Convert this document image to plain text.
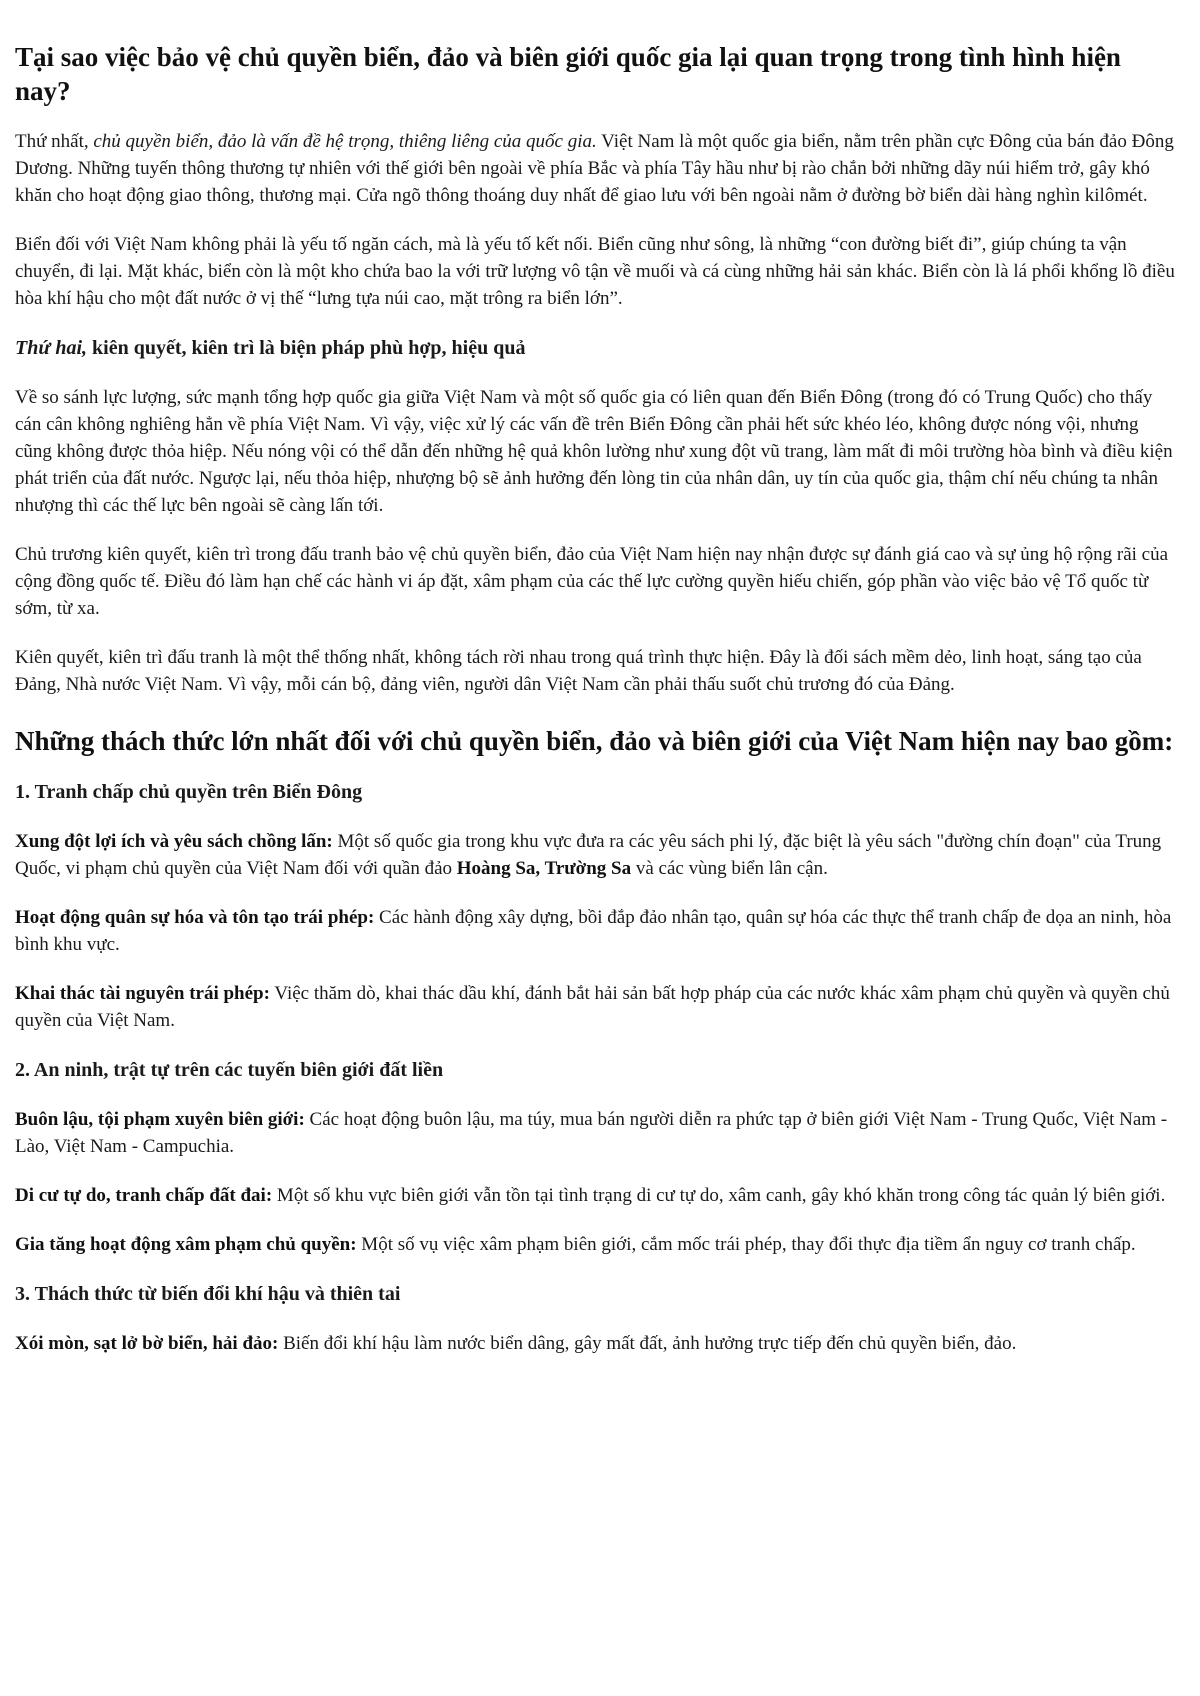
Tại sao việc bảo vệ chủ quyền biển, đảo và biên giới quốc gia lại quan trọng trong tình hình hiện nay?

Thứ nhất, chủ quyền biển, đảo là vấn đề hệ trọng, thiêng liêng của quốc gia. Việt Nam là một quốc gia biển, nằm trên phần cực Đông của bán đảo Đông Dương. Những tuyến thông thương tự nhiên với thế giới bên ngoài về phía Bắc và phía Tây hầu như bị rào chắn bởi những dãy núi hiểm trở, gây khó khăn cho hoạt động giao thông, thương mại. Cửa ngõ thông thoáng duy nhất để giao lưu với bên ngoài nằm ở đường bờ biển dài hàng nghìn kilômét.

Biển đối với Việt Nam không phải là yếu tố ngăn cách, mà là yếu tố kết nối. Biển cũng như sông, là những “con đường biết đi”, giúp chúng ta vận chuyển, đi lại. Mặt khác, biển còn là một kho chứa bao la với trữ lượng vô tận về muối và cá cùng những hải sản khác. Biển còn là lá phổi khổng lồ điều hòa khí hậu cho một đất nước ở vị thế “lưng tựa núi cao, mặt trông ra biển lớn”.

Thứ hai, kiên quyết, kiên trì là biện pháp phù hợp, hiệu quả

Về so sánh lực lượng, sức mạnh tổng hợp quốc gia giữa Việt Nam và một số quốc gia có liên quan đến Biển Đông (trong đó có Trung Quốc) cho thấy cán cân không nghiêng hẳn về phía Việt Nam. Vì vậy, việc xử lý các vấn đề trên Biển Đông cần phải hết sức khéo léo, không được nóng vội, nhưng cũng không được thỏa hiệp. Nếu nóng vội có thể dẫn đến những hệ quả khôn lường như xung đột vũ trang, làm mất đi môi trường hòa bình và điều kiện phát triển của đất nước. Ngược lại, nếu thỏa hiệp, nhượng bộ sẽ ảnh hưởng đến lòng tin của nhân dân, uy tín của quốc gia, thậm chí nếu chúng ta nhân nhượng thì các thế lực bên ngoài sẽ càng lấn tới.

Chủ trương kiên quyết, kiên trì trong đấu tranh bảo vệ chủ quyền biển, đảo của Việt Nam hiện nay nhận được sự đánh giá cao và sự ủng hộ rộng rãi của cộng đồng quốc tế. Điều đó làm hạn chế các hành vi áp đặt, xâm phạm của các thế lực cường quyền hiếu chiến, góp phần vào việc bảo vệ Tổ quốc từ sớm, từ xa.

Kiên quyết, kiên trì đấu tranh là một thể thống nhất, không tách rời nhau trong quá trình thực hiện. Đây là đối sách mềm dẻo, linh hoạt, sáng tạo của Đảng, Nhà nước Việt Nam. Vì vậy, mỗi cán bộ, đảng viên, người dân Việt Nam cần phải thấu suốt chủ trương đó của Đảng.

Những thách thức lớn nhất đối với chủ quyền biển, đảo và biên giới của Việt Nam hiện nay bao gồm:
1. Tranh chấp chủ quyền trên Biển Đông

Xung đột lợi ích và yêu sách chồng lấn: Một số quốc gia trong khu vực đưa ra các yêu sách phi lý, đặc biệt là yêu sách "đường chín đoạn" của Trung Quốc, vi phạm chủ quyền của Việt Nam đối với quần đảo Hoàng Sa, Trường Sa và các vùng biển lân cận.

Hoạt động quân sự hóa và tôn tạo trái phép: Các hành động xây dựng, bồi đắp đảo nhân tạo, quân sự hóa các thực thể tranh chấp đe dọa an ninh, hòa bình khu vực.

Khai thác tài nguyên trái phép: Việc thăm dò, khai thác dầu khí, đánh bắt hải sản bất hợp pháp của các nước khác xâm phạm chủ quyền và quyền chủ quyền của Việt Nam.

2. An ninh, trật tự trên các tuyến biên giới đất liền

Buôn lậu, tội phạm xuyên biên giới: Các hoạt động buôn lậu, ma túy, mua bán người diễn ra phức tạp ở biên giới Việt Nam - Trung Quốc, Việt Nam - Lào, Việt Nam - Campuchia.

Di cư tự do, tranh chấp đất đai: Một số khu vực biên giới vẫn tồn tại tình trạng di cư tự do, xâm canh, gây khó khăn trong công tác quản lý biên giới.

Gia tăng hoạt động xâm phạm chủ quyền: Một số vụ việc xâm phạm biên giới, cắm mốc trái phép, thay đổi thực địa tiềm ẩn nguy cơ tranh chấp.

3. Thách thức từ biến đổi khí hậu và thiên tai

Xói mòn, sạt lở bờ biển, hải đảo: Biến đổi khí hậu làm nước biển dâng, gây mất đất, ảnh hưởng trực tiếp đến chủ quyền biển, đảo.
